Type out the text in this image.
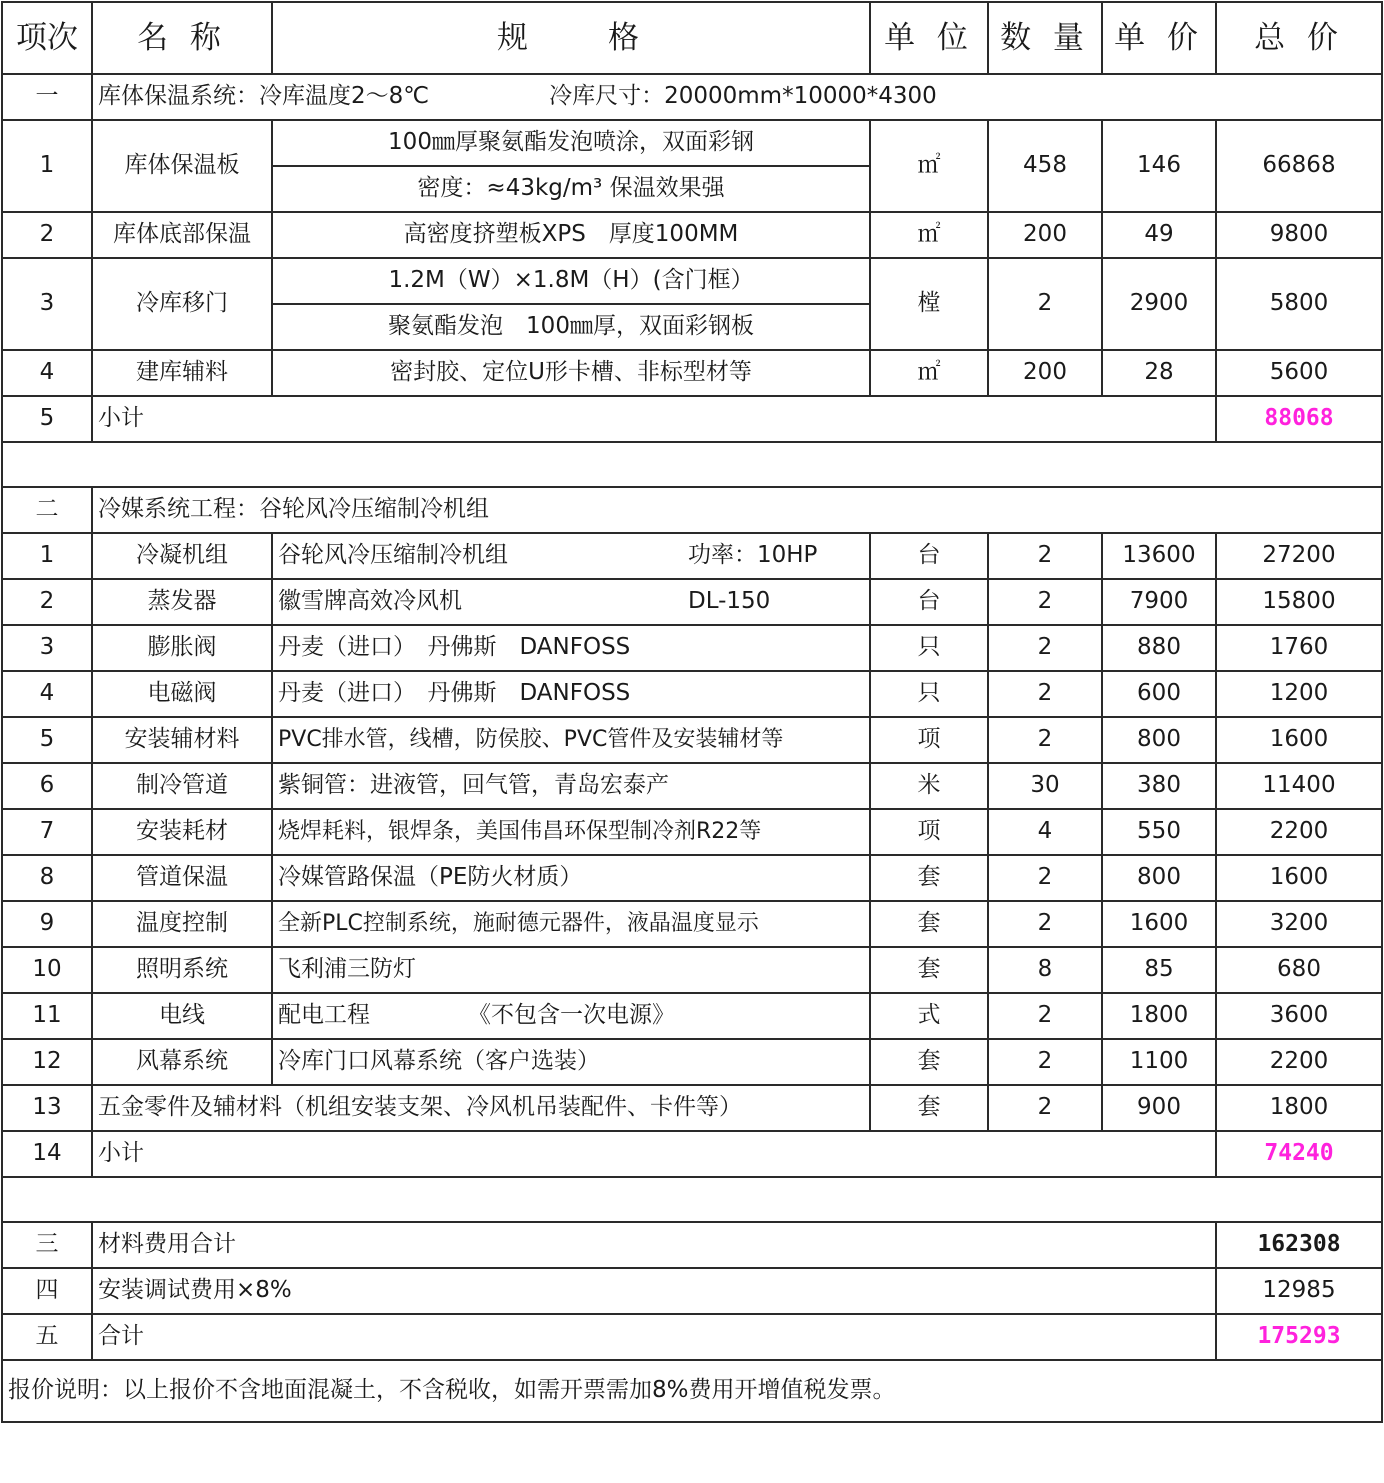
项次	名 称	规　　格	单 位	数 量	单 价	总 价
一	库体保温系统：冷库温度2～8℃ 冷库尺寸：20000mm*10000*4300					
1	库体保温板	100㎜厚聚氨酯发泡喷涂，双面彩钢	㎡	458	146	66868
		密度：≈43kg/m³ 保温效果强				
2	库体底部保温	高密度挤塑板XPS　厚度100MM	㎡	200	49	9800
3	冷库移门	1.2M（W）×1.8M（H）(含门框）	樘	2	2900	5800
		聚氨酯发泡　100㎜厚，双面彩钢板				
4	建库辅料	密封胶、定位U形卡槽、非标型材等	㎡	200	28	5600
5	小计					88068

二	冷媒系统工程：谷轮风冷压缩制冷机组					
1	冷凝机组	谷轮风冷压缩制冷机组 功率：10HP	台	2	13600	27200
2	蒸发器	徽雪牌高效冷风机 DL-150	台	2	7900	15800
3	膨胀阀	丹麦（进口）　丹佛斯　DANFOSS	只	2	880	1760
4	电磁阀	丹麦（进口）　丹佛斯　DANFOSS	只	2	600	1200
5	安装辅材料	PVC排水管，线槽，防侯胶、PVC管件及安装辅材等	项	2	800	1600
6	制冷管道	紫铜管：进液管，回气管，青岛宏泰产	米	30	380	11400
7	安装耗材	烧焊耗料，银焊条，美国伟昌环保型制冷剂R22等	项	4	550	2200
8	管道保温	冷媒管路保温（PE防火材质）	套	2	800	1600
9	温度控制	全新PLC控制系统，施耐德元器件，液晶温度显示	套	2	1600	3200
10	照明系统	飞利浦三防灯	套	8	85	680
11	电线	配电工程 《不包含一次电源》	式	2	1800	3600
12	风幕系统	冷库门口风幕系统（客户选装）	套	2	1100	2200
13	五金零件及辅材料（机组安装支架、冷风机吊装配件、卡件等）		套	2	900	1800
14	小计					74240

三	材料费用合计					162308
四	安装调试费用×8%					12985
五	合计					175293
报价说明：以上报价不含地面混凝土，不含税收，如需开票需加8%费用开增值税发票。						
